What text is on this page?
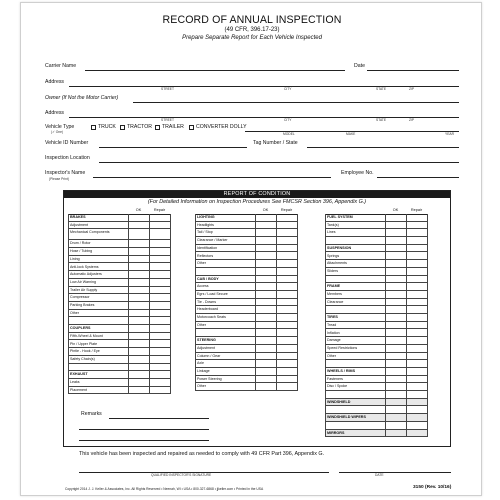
RECORD OF ANNUAL INSPECTION
(49 CFR, 396.17-23)
Prepare Separate Report for Each Vehicle Inspected
Carrier Name	Date
Address
STREET	CITY	STATE	ZIP
Owner (If Not the Motor Carrier)
Address
STREET	CITY	STATE	ZIP
Vehicle Type
(✓ One)
TRUCK TRACTOR TRAILER CONVERTER DOLLY
MODEL	MAKE	YEAR
Vehicle ID Number	Tag Number / State
Inspection Location
Inspector's Name
(Please Print)
Employee No.
REPORT OF CONDITION
(For Detailed Information on Inspection Procedures See FMCSR Section 396, Appendix G.)
OK	Repair
BRAKES
Adjustment
Mechanical Components
Drum / Rotor
Hose / Tubing
Lining
Anti-lock Systems
Automatic Adjusters
Low Air Warning
Trailer Air Supply
Compressor
Parking Brakes
Other
COUPLERS
Fifth-Wheel & Mount
Pin / Upper Plate
Pintle - Hook / Eye
Safety Chain(s)
EXHAUST
Leaks
Placement
OK	Repair
LIGHTING
Headlights
Tail / Stop
Clearance / Marker
Identification
Reflectors
Other
CAB / BODY
Access
Egrs / Load Secure
Tie - Downs
Headerboard
Motorcoach Seats
Other
STEERING
Adjustment
Column / Gear
Axle
Linkage
Power Steering
Other
OK	Repair
FUEL SYSTEM
Tank(s)
Lines
SUSPENSION
Springs
Attachments
Sliders
FRAME
Members
Clearance
TIRES
Tread
Inflation
Damage
Speed Restrictions
Other
WHEELS / RIMS
Fasteners
Disc / Spoke
WINDSHIELD
WINDSHIELD WIPERS
MIRRORS
Remarks
This vehicle has been inspected and repaired as needed to comply with 49 CFR Part 396, Appendix G.
QUALIFIED INSPECTOR'S SIGNATURE	DATE
Copyright 2014 J. J. Keller & Associates, Inc. All Rights Reserved • Neenah, WI • USA • 800-327-6868 • jjkeller.com • Printed in the USA	3150 (Rev. 10/16)
